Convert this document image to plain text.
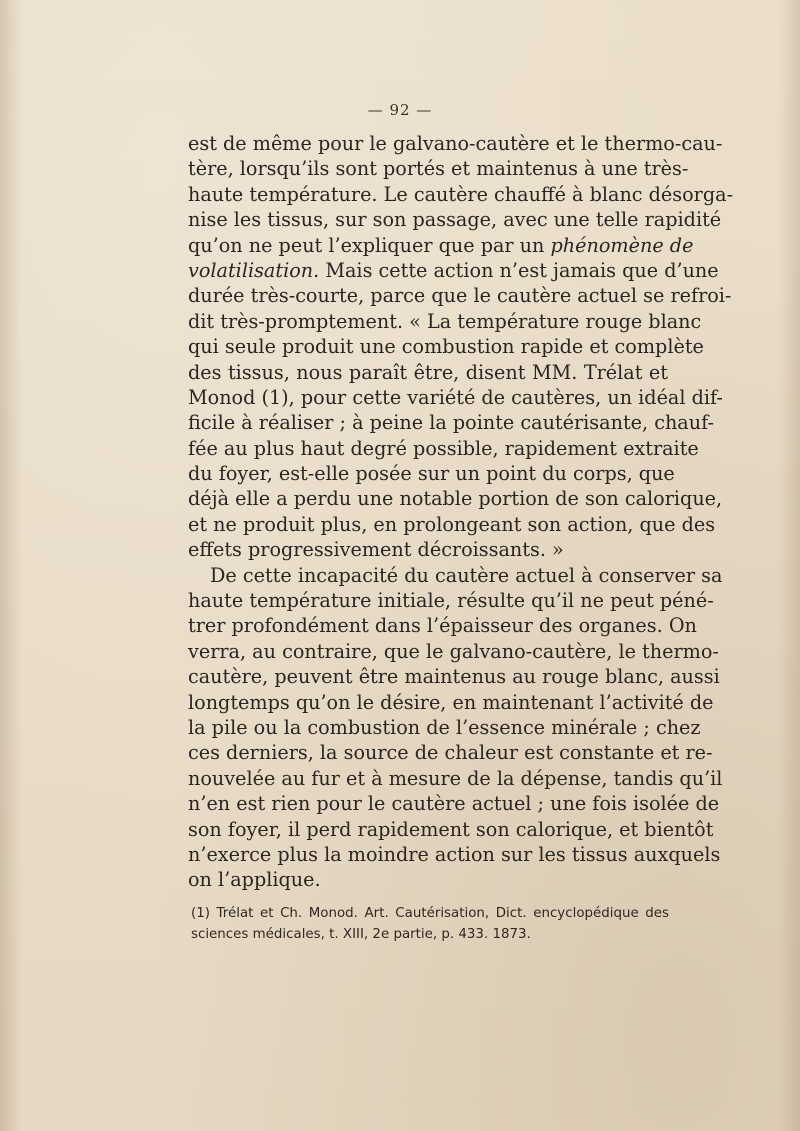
— 92 —
est de même pour le galvano-cautère et le thermo-cau-
tère, lorsqu’ils sont portés et maintenus à une très-
haute température. Le cautère chauffé à blanc désorga-
nise les tissus, sur son passage, avec une telle rapidité
qu’on ne peut l’expliquer que par un phénomène de
volatilisation. Mais cette action n’est jamais que d’une
durée très-courte, parce que le cautère actuel se refroi-
dit très-promptement. « La température rouge blanc
qui seule produit une combustion rapide et complète
des tissus, nous paraît être, disent MM. Trélat et
Monod (1), pour cette variété de cautères, un idéal dif-
ficile à réaliser ; à peine la pointe cautérisante, chauf-
fée au plus haut degré possible, rapidement extraite
du foyer, est-elle posée sur un point du corps, que
déjà elle a perdu une notable portion de son calorique,
et ne produit plus, en prolongeant son action, que des
effets progressivement décroissants. »
De cette incapacité du cautère actuel à conserver sa
haute température initiale, résulte qu’il ne peut péné-
trer profondément dans l’épaisseur des organes. On
verra, au contraire, que le galvano-cautère, le thermo-
cautère, peuvent être maintenus au rouge blanc, aussi
longtemps qu’on le désire, en maintenant l’activité de
la pile ou la combustion de l’essence minérale ; chez
ces derniers, la source de chaleur est constante et re-
nouvelée au fur et à mesure de la dépense, tandis qu’il
n’en est rien pour le cautère actuel ; une fois isolée de
son foyer, il perd rapidement son calorique, et bientôt
n’exerce plus la moindre action sur les tissus auxquels
on l’applique.
(1) Trélat et Ch. Monod. Art. Cautérisation, Dict. encyclopédique des
sciences médicales, t. XIII, 2e partie, p. 433. 1873.
